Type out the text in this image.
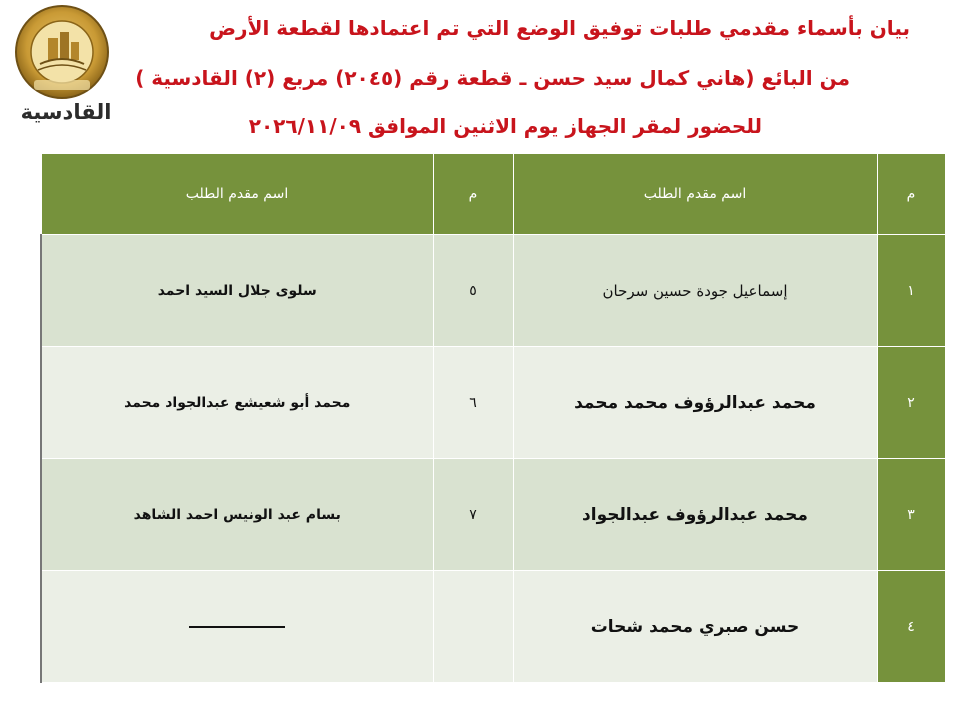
القادسية
بيان بأسماء مقدمي طلبات توفيق الوضع التي تم اعتمادها لقطعة الأرض
من البائع (هاني كمال سيد حسن ـ قطعة رقم (٢٠٤٥) مربع (٢) القادسية )
للحضور لمقر الجهاز يوم الاثنين الموافق ٢٠٢٦/١١/٠٩
م	اسم مقدم الطلب	م	اسم مقدم الطلب
١	إسماعيل جودة حسين سرحان	٥	سلوى جلال السيد احمد
٢	محمد عبدالرؤوف محمد محمد	٦	محمد أبو شعيشع عبدالجواد محمد
٣	محمد عبدالرؤوف عبدالجواد	٧	بسام عبد الونيس احمد الشاهد
٤	حسن صبري محمد شحات		
